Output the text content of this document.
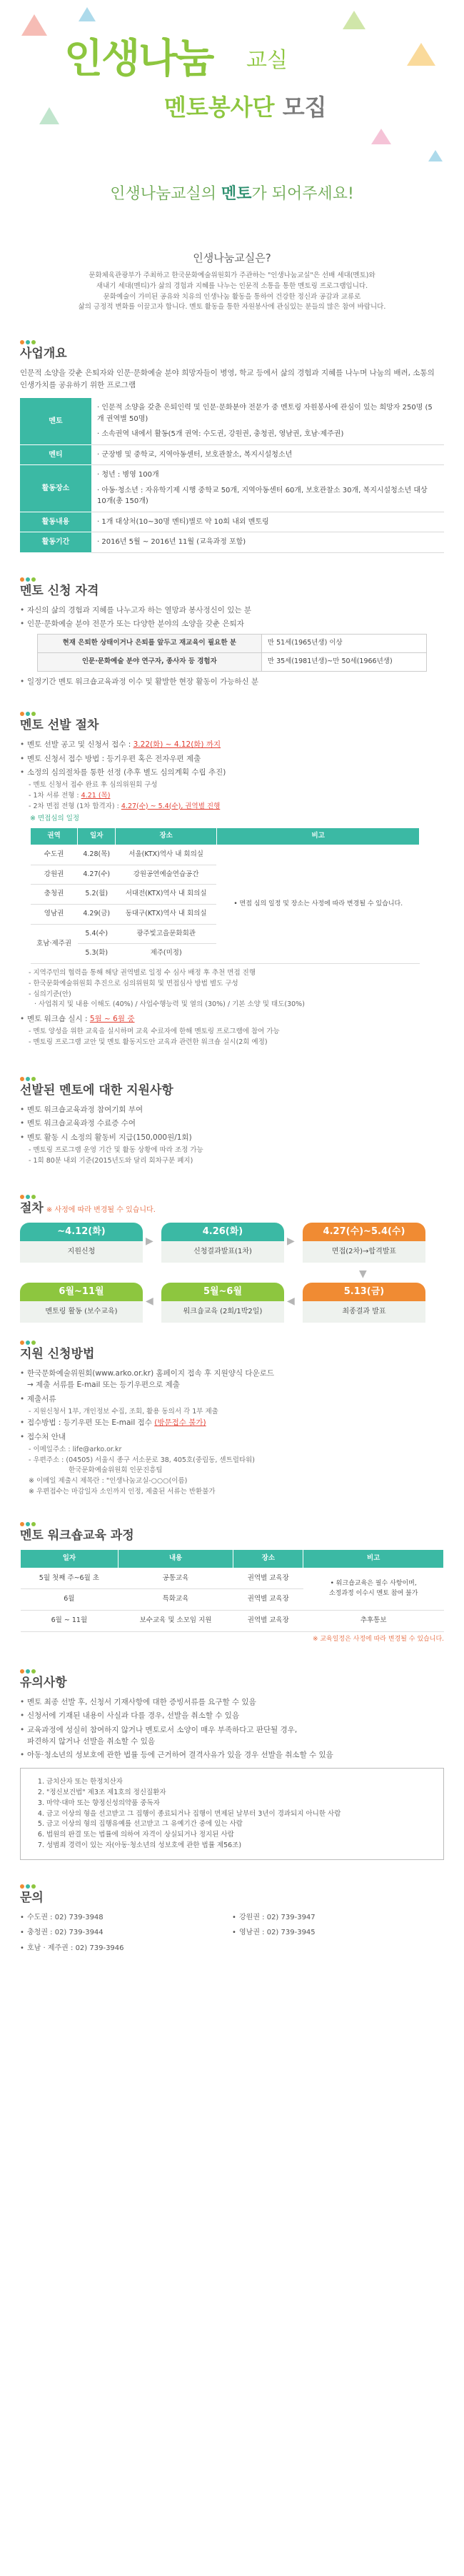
인생나눔 교실
멘토봉사단 모집
인생나눔교실의 멘토가 되어주세요!
인생나눔교실은?

문화체육관광부가 주최하고 한국문화예술위원회가 주관하는 "인생나눔교실"은 선배 세대(멘토)와

새내기 세대(멘티)가 삶의 경험과 지혜를 나누는 인문적 소통을 통한 멘토링 프로그램입니다.

문화예술이 가미된 공유와 치유의 인생나눔 활동을 통하여 건강한 정신과 공감과 교류로

삶의 긍정적 변화를 이끌고자 합니다. 멘토 활동을 통한 자원봉사에 관심있는 분들의 많은 참여 바랍니다.

사업개요
인문적 소양을 갖춘 은퇴자와 인문·문화예술 분야 희망자들이 병영, 학교 등에서 삶의 경험과 지혜를 나누며 나눔의 배려, 소통의 인생가치를 공유하기 위한 프로그램
멘토	· 인문적 소양을 갖춘 은퇴인력 및 인문·문화분야 전문가 중 멘토링 자원봉사에 관심이 있는 희망자 250명 (5개 권역별 50명)
· 소속권역 내에서 활동(5개 권역: 수도권, 강원권, 충청권, 영남권, 호남·제주권)

멘티	· 군장병 및 중학교, 지역아동센터, 보호관찰소, 복지시설청소년
활동장소	· 청년 : 병영 100개
· 아동·청소년 : 자유학기제 시행 중학교 50개, 지역아동센터 60개, 보호관찰소 30개, 복지시설청소년 대상 10개(총 150개)

활동내용	· 1개 대상처(10~30명 멘티)별로 약 10회 내외 멘토링
활동기간	· 2016년 5월 ~ 2016년 11월 (교육과정 포함)
멘토 신청 자격
• 자신의 삶의 경험과 지혜를 나누고자 하는 열망과 봉사정신이 있는 분
• 인문·문화예술 분야 전문가 또는 다양한 분야의 소양을 갖춘 은퇴자
현재 은퇴한 상태이거나 은퇴를 앞두고 재교육이 필요한 분	만 51세(1965년생) 이상
인문·문화예술 분야 연구자, 종사자 등 경험자	만 35세(1981년생)~만 50세(1966년생)
• 일정기간 멘토 워크숍교육과정 이수 및 활발한 현장 활동이 가능하신 분
멘토 선발 절차
• 멘토 선발 공고 및 신청서 접수 : 3.22(화) ~ 4.12(화) 까지
• 멘토 신청서 접수 방법 : 등기우편 혹은 전자우편 제출
• 소정의 심의절차를 통한 선정 (추후 별도 심의계획 수립 추진)
- 멘토 신청서 접수 완료 후 심의위원회 구성
- 1차 서류 전형 : 4.21 (목)
- 2차 면접 전형 (1차 합격자) : 4.27(수) ~ 5.4(수), 권역별 진행
※ 면접심의 일정
권역	일자	장소	비고
수도권	4.28(목)	서울(KTX)역사 내 회의실	• 면접 심의 일정 및 장소는 사정에 따라 변경될 수 있습니다.
강원권	4.27(수)	강원공연예술연습공간	
충청권	5.2(월)	서대전(KTX)역사 내 회의실	
영남권	4.29(금)	동대구(KTX)역사 내 회의실	
호남·제주권	5.4(수)	광주빛고을문화회관	
	5.3(화)	제주(미정)	
- 지역주민의 협력을 통해 해당 권역별로 일정 수 심사 배정 후 추천 면접 진행
- 한국문화예술위원회 추진으로 심의위원회 및 면접심사 방법 별도 구성
- 심의기준(안)
· 사업취지 및 내용 이해도 (40%) / 사업수행능력 및 열의 (30%) / 기본 소양 및 태도(30%)
• 멘토 워크숍 실시 : 5월 ~ 6월 중
- 멘토 양성을 위한 교육을 실시하며 교육 수료자에 한해 멘토링 프로그램에 참여 가능
- 멘토링 프로그램 교안 및 멘토 활동지도안 교육과 관련한 워크숍 실시(2회 예정)
선발된 멘토에 대한 지원사항
• 멘토 워크숍교육과정 참여기회 부여
• 멘토 워크숍교육과정 수료증 수여
• 멘토 활동 시 소정의 활동비 지급(150,000원/1회)
- 멘토링 프로그램 운영 기간 및 활동 상황에 따라 조정 가능
- 1회 80분 내외 기준(2015년도와 달리 회차구분 폐지)
절차 ※ 사정에 따라 변경될 수 있습니다.
~4.12(화)
지원신청
▶
4.26(화)
신청결과발표(1차)
▶
4.27(수)~5.4(수)
면접(2차)→합격발표
▼
5.13(금)
최종결과 발표
◀
5월~6월
워크숍교육 (2회/1박2일)
◀
6월~11월
멘토링 활동 (보수교육)
지원 신청방법
• 한국문화예술위원회(www.arko.or.kr) 홈페이지 접속 후 지원양식 다운로드
→ 제출 서류를 E-mail 또는 등기우편으로 제출
• 제출서류
- 지원신청서 1부, 개인정보 수집, 조회, 활용 동의서 각 1부 제출
• 접수방법 : 등기우편 또는 E-mail 접수 (방문접수 불가)
• 접수처 안내
- 이메일주소 : life@arko.or.kr
- 우편주소 : (04505) 서울시 종구 서소문로 38, 405호(중림동, 센트럴타워)
한국문화예술위원회 인문진흥팀
※ 이메일 제출시 제목란 : "인생나눔교실-○○○(이름)
※ 우편접수는 마감일자 소인까지 인정, 제출된 서류는 반환불가
멘토 워크숍교육 과정
일자	내용	장소	비고
5월 첫째 주~6월 초	공통교육	권역별 교육장	• 워크숍교육은 필수 사항이며,
소정과정 이수시 멘토 참여 불가

6월	특화교육	권역별 교육장	
6월 ~ 11월	보수교육 및 소모임 지원	권역별 교육장	추후통보
※ 교육일정은 사정에 따라 변경될 수 있습니다.
유의사항
• 멘토 최종 선발 후, 신청서 기재사항에 대한 증빙서류를 요구할 수 있음
• 신청서에 기재된 내용이 사실과 다를 경우, 선발을 취소할 수 있음
• 교육과정에 성실히 참여하지 않거나 멘토로서 소양이 매우 부족하다고 판단될 경우,
파견하지 않거나 선발을 취소할 수 있음
• 아동·청소년의 성보호에 관한 법률 등에 근거하여 결격사유가 있을 경우 선발을 취소할 수 있음
1. 금치산자 또는 한정치산자
2. "정신보건법" 제3조 제1호의 정신질환자
3. 마약·대마 또는 향정신성의약품 중독자
4. 금고 이상의 형을 선고받고 그 집행이 종료되거나 집행이 면제된 날부터 3년이 경과되지 아니한 사람
5. 금고 이상의 형의 집행유예를 선고받고 그 유예기간 중에 있는 사람
6. 법원의 판결 또는 법률에 의하여 자격이 상실되거나 정지된 사람
7. 성범죄 경력이 있는 자(아동·청소년의 성보호에 관한 법률 제56조)
문의
• 수도권 : 02) 739-3948	• 강원권 : 02) 739-3947
• 충청권 : 02) 739-3944	• 영남권 : 02) 739-3945
• 호남 · 제주권 : 02) 739-3946
